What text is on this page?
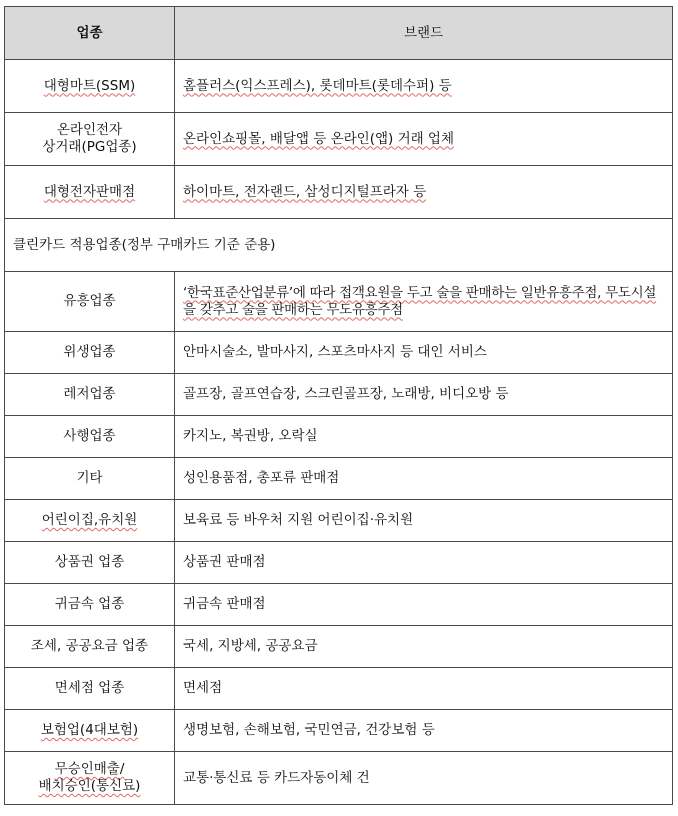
업종	브랜드
대형마트(SSM)	홈플러스(익스프레스), 롯데마트(롯데수퍼) 등
온라인전자
상거래(PG업종)	온라인쇼핑몰, 배달앱 등 온라인(앱) 거래 업체
대형전자판매점	하이마트, 전자랜드, 삼성디지털프라자 등
클린카드 적용업종(정부 구매카드 기준 준용)	
유흥업종	‘한국표준산업분류’에 따라 접객요원을 두고 술을 판매하는 일반유흥주점, 무도시설을 갖추고 술을 판매하는 무도유흥주점
위생업종	안마시술소, 발마사지, 스포츠마사지 등 대인 서비스
레저업종	골프장, 골프연습장, 스크린골프장, 노래방, 비디오방 등
사행업종	카지노, 복권방, 오락실
기타	성인용품점, 총포류 판매점
어린이집,유치원	보육료 등 바우처 지원 어린이집·유치원
상품권 업종	상품권 판매점
귀금속 업종	귀금속 판매점
조세, 공공요금 업종	국세, 지방세, 공공요금
면세점 업종	면세점
보험업(4대보험)	생명보험, 손해보험, 국민연금, 건강보험 등
무승인매출/
배치승인(통신료)	교통·통신료 등 카드자동이체 건
